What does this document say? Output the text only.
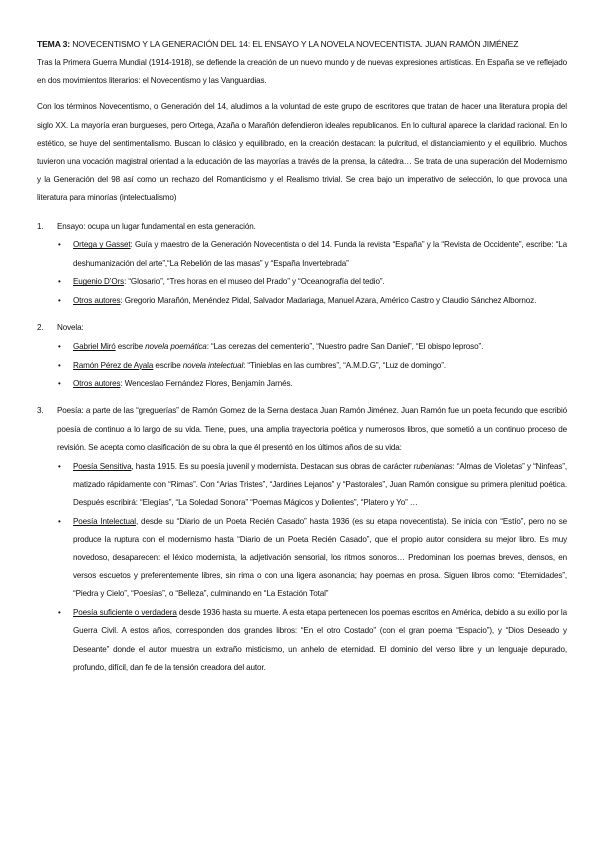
TEMA 3: NOVECENTISMO Y LA GENERACIÓN DEL 14: EL ENSAYO Y LA NOVELA NOVECENTISTA. JUAN RAMÓN JIMÉNEZ

Tras la Primera Guerra Mundial (1914-1918), se defiende la creación de un nuevo mundo y de nuevas expresiones artísticas. En España se ve reflejado en dos movimientos literarios: el Novecentismo y las Vanguardias.

Con los términos Novecentismo, o Generación del 14, aludimos a la voluntad de este grupo de escritores que tratan de hacer una literatura propia del siglo XX. La mayoría eran burgueses, pero Ortega, Azaña o Marañón defendieron ideales republicanos. En lo cultural aparece la claridad racional. En lo estético, se huye del sentimentalismo. Buscan lo clásico y equilibrado, en la creación destacan: la pulcritud, el distanciamiento y el equilibrio. Muchos tuvieron una vocación magistral orientad a la educación de las mayorías a través de la prensa, la cátedra… Se trata de una superación del Modernismo y la Generación del 98 así como un rechazo del Romanticismo y el Realismo trivial. Se crea bajo un imperativo de selección, lo que provoca una literatura para minorías (intelectualismo)

1. Ensayo: ocupa un lugar fundamental en esta generación.
• Ortega y Gasset: Guía y maestro de la Generación Novecentista o del 14. Funda la revista “España” y la “Revista de Occidente”, escribe: “La deshumanización del arte”,“La Rebelión de las masas” y “España Invertebrada”
• Eugenio D’Ors: “Glosario”, “Tres horas en el museo del Prado” y “Oceanografía del tedio”.
• Otros autores: Gregorio Marañón, Menéndez Pidal, Salvador Madariaga, Manuel Azara, Américo Castro y Claudio Sánchez Albornoz.
2. Novela:
• Gabriel Miró escribe novela poemática: “Las cerezas del cementerio”, “Nuestro padre San Daniel”, “El obispo leproso”.
• Ramón Pérez de Ayala escribe novela intelectual: “Tinieblas en las cumbres”, “A.M.D.G”, “Luz de domingo”.
• Otros autores: Wenceslao Fernández Flores, Benjamín Jarnés.
3. Poesía: a parte de las “greguerías” de Ramón Gomez de la Serna destaca Juan Ramón Jiménez. Juan Ramón fue un poeta fecundo que escribió poesía de continuo a lo largo de su vida. Tiene, pues, una amplia trayectoria poética y numerosos libros, que sometió a un continuo proceso de revisión. Se acepta como clasificación de su obra la que él presentó en los últimos años de su vida:
• Poesía Sensitiva, hasta 1915. Es su poesía juvenil y modernista. Destacan sus obras de carácter rubenianas: “Almas de Violetas” y “Ninfeas”, matizado rápidamente con “Rimas”. Con “Arias Tristes”, “Jardines Lejanos” y “Pastorales”, Juan Ramón consigue su primera plenitud poética. Después escribirá: “Elegías”, “La Soledad Sonora” “Poemas Mágicos y Dolientes”, “Platero y Yo” …
• Poesía Intelectual, desde su “Diario de un Poeta Recién Casado” hasta 1936 (es su etapa novecentista). Se inicia con “Estío”, pero no se produce la ruptura con el modernismo hasta “Diario de un Poeta Recién Casado”, que el propio autor considera su mejor libro. Es muy novedoso, desaparecen: el léxico modernista, la adjetivación sensorial, los ritmos sonoros… Predominan los poemas breves, densos, en versos escuetos y preferentemente libres, sin rima o con una ligera asonancia; hay poemas en prosa. Siguen libros como: “Eternidades”, “Piedra y Cielo”, “Poesías”, o “Belleza”, culminando en “La Estación Total”
• Poesía suficiente o verdadera desde 1936 hasta su muerte. A esta etapa pertenecen los poemas escritos en América, debido a su exilio por la Guerra Civil. A estos años, corresponden dos grandes libros: “En el otro Costado” (con el gran poema “Espacio”), y “Dios Deseado y Deseante” donde el autor muestra un extraño misticismo, un anhelo de eternidad. El dominio del verso libre y un lenguaje depurado, profundo, difícil, dan fe de la tensión creadora del autor.
